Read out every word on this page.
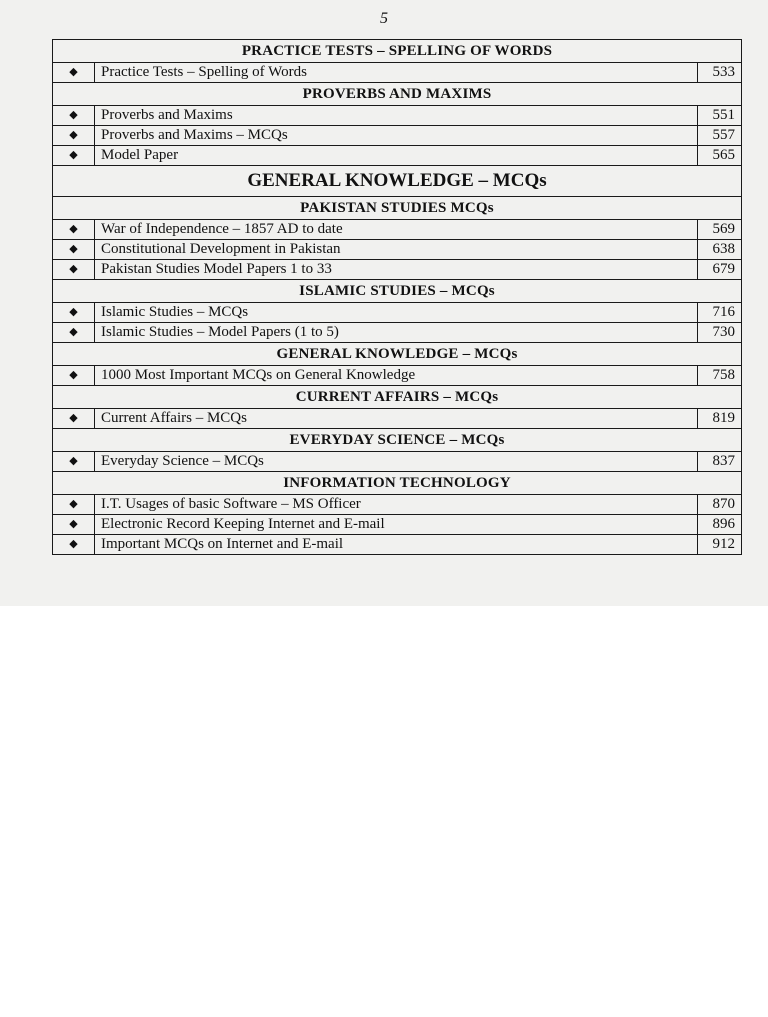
5
PRACTICE TESTS – SPELLING OF WORDS		
◆	Practice Tests – Spelling of Words	533
PROVERBS AND MAXIMS		
◆	Proverbs and Maxims	551
◆	Proverbs and Maxims – MCQs	557
◆	Model Paper	565
GENERAL KNOWLEDGE – MCQs		
PAKISTAN STUDIES MCQs		
◆	War of Independence – 1857 AD to date	569
◆	Constitutional Development in Pakistan	638
◆	Pakistan Studies Model Papers 1 to 33	679
ISLAMIC STUDIES – MCQs		
◆	Islamic Studies – MCQs	716
◆	Islamic Studies – Model Papers (1 to 5)	730
GENERAL KNOWLEDGE – MCQs		
◆	1000 Most Important MCQs on General Knowledge	758
CURRENT AFFAIRS – MCQs		
◆	Current Affairs – MCQs	819
EVERYDAY SCIENCE – MCQs		
◆	Everyday Science – MCQs	837
INFORMATION TECHNOLOGY		
◆	I.T. Usages of basic Software – MS Officer	870
◆	Electronic Record Keeping Internet and E-mail	896
◆	Important MCQs on Internet and E-mail	912
